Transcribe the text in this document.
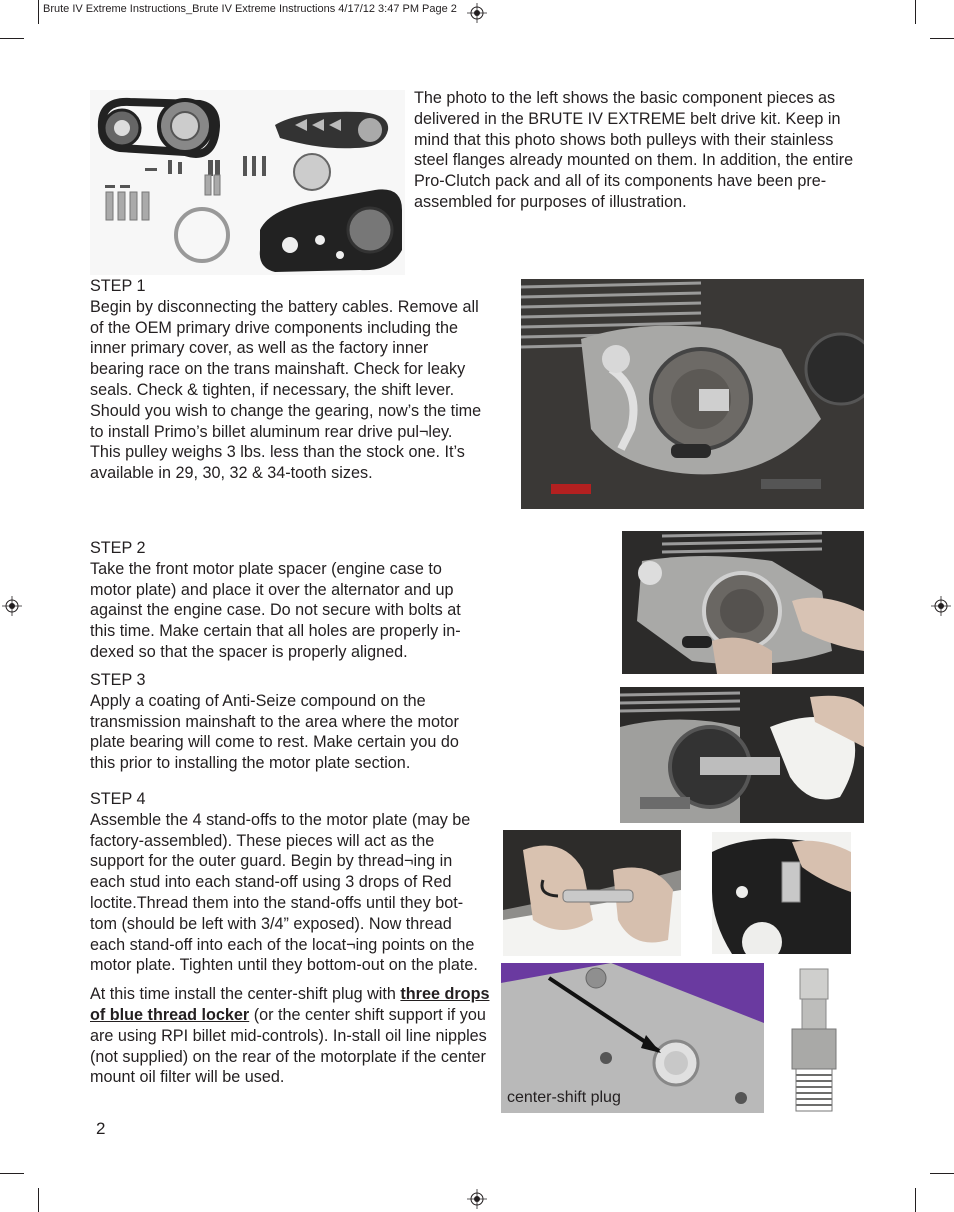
Brute IV Extreme Instructions_Brute IV Extreme Instructions 4/17/12 3:47 PM Page 2

The photo to the left shows the basic component pieces as delivered in the BRUTE IV EXTREME belt drive kit. Keep in mind that this photo shows both pulleys with their stainless steel flanges already mounted on them. In addition, the entire Pro-Clutch pack and all of its components have been pre-assembled for purposes of illustration.

STEP 1

Begin by disconnecting the battery cables. Remove all of the OEM primary drive components including the inner primary cover, as well as the factory inner bearing race on the trans mainshaft. Check for leaky seals. Check & tighten, if necessary, the shift lever. Should you wish to change the gearing, now’s the time to install Primo’s billet aluminum rear drive pul¬ley. This pulley weighs 3 lbs. less than the stock one. It’s available in 29, 30, 32 & 34-tooth sizes.

STEP 2

Take the front motor plate spacer (engine case to motor plate) and place it over the alternator and up against the engine case. Do not secure with bolts at this time. Make certain that all holes are properly in-dexed so that the spacer is properly aligned.

STEP 3

Apply a coating of Anti-Seize compound on the transmission mainshaft to the area where the motor plate bearing will come to rest. Make certain you do this prior to installing the motor plate section.

STEP 4

Assemble the 4 stand-offs to the motor plate (may be factory-assembled). These pieces will act as the support for the outer guard. Begin by thread¬ing in each stud into each stand-off using 3 drops of Red loctite.Thread them into the stand-offs until they bot-tom (should be left with 3/4” exposed). Now thread each stand-off into each of the locat¬ing points on the motor plate. Tighten until they bottom-out on the plate.

At this time install the center-shift plug with three drops of blue thread locker (or the center shift support if you are using RPI billet mid-controls). In-stall oil line nipples (not supplied) on the rear of the motorplate if the center mount oil filter will be used.

center-shift plug
2
